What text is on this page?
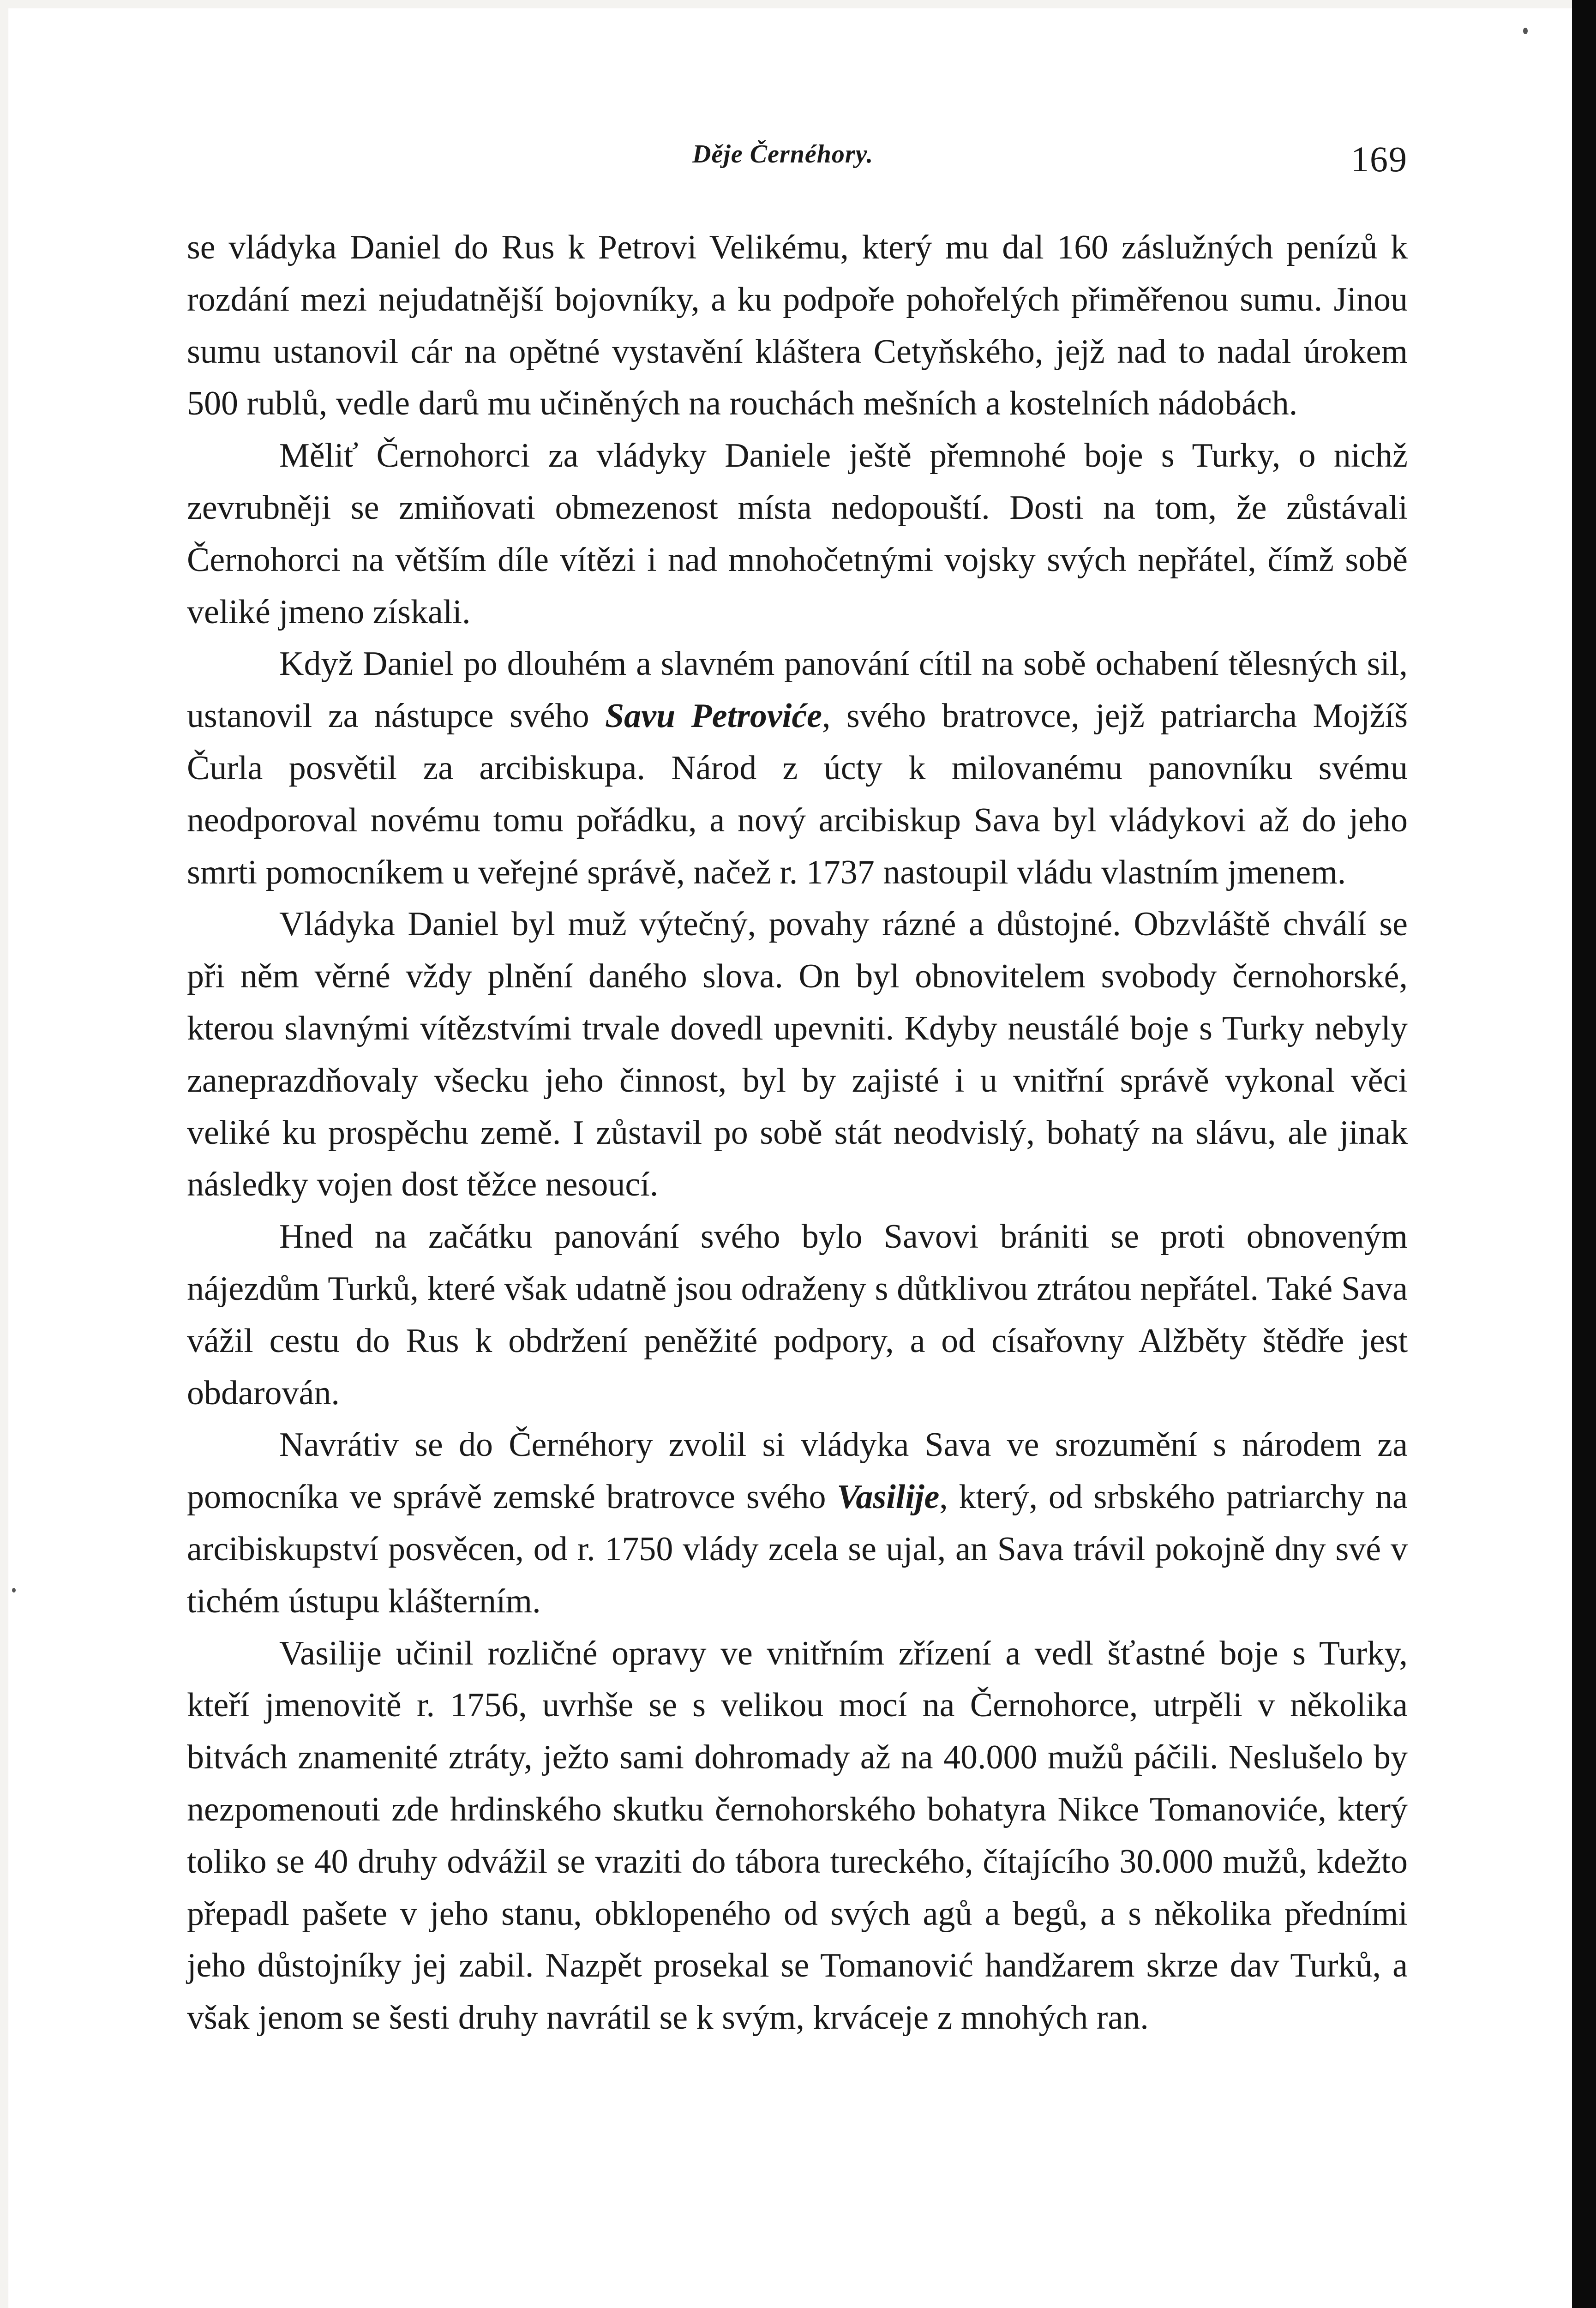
Děje Černéhory.	169

se vládyka Daniel do Rus k Petrovi Velikému, který mu dal 160 záslužných penízů k rozdání mezi nejudatnější bojovníky, a ku podpoře pohořelých přiměřenou sumu. Jinou sumu ustanovil cár na opětné vystavění kláštera Cetyňského, jejž nad to nadal úrokem 500 rublů, vedle darů mu učiněných na rouchách mešních a kostelních nádobách.

Měliť Černohorci za vládyky Daniele ještě přemnohé boje s Turky, o nichž zevrubněji se zmiňovati obmezenost místa nedopouští. Dosti na tom, že zůstávali Černohorci na větším díle vítězi i nad mnohočetnými vojsky svých nepřátel, čímž sobě veliké jmeno získali.

Když Daniel po dlouhém a slavném panování cítil na sobě ochabení tělesných sil, ustanovil za nástupce svého Savu Petroviće, svého bratrovce, jejž patriarcha Mojžíš Čurla posvětil za arcibiskupa. Národ z úcty k milovanému panovníku svému neodporoval novému tomu pořádku, a nový arcibiskup Sava byl vládykovi až do jeho smrti pomocníkem u veřejné správě, načež r. 1737 nastoupil vládu vlastním jmenem.

Vládyka Daniel byl muž výtečný, povahy rázné a důstojné. Obzvláště chválí se při něm věrné vždy plnění daného slova. On byl obnovitelem svobody černohorské, kterou slavnými vítězstvími trvale dovedl upevniti. Kdyby neustálé boje s Turky nebyly zaneprazdňovaly všecku jeho činnost, byl by zajisté i u vnitřní správě vykonal věci veliké ku prospěchu země. I zůstavil po sobě stát neodvislý, bohatý na slávu, ale jinak následky vojen dost těžce nesoucí.

Hned na začátku panování svého bylo Savovi brániti se proti obnoveným nájezdům Turků, které však udatně jsou odraženy s důtklivou ztrátou nepřátel. Také Sava vážil cestu do Rus k obdržení peněžité podpory, a od císařovny Alžběty štědře jest obdarován.

Navrátiv se do Černéhory zvolil si vládyka Sava ve srozumění s národem za pomocníka ve správě zemské bratrovce svého Vasilije, který, od srbského patriarchy na arcibiskupství posvěcen, od r. 1750 vlády zcela se ujal, an Sava trávil pokojně dny své v tichém ústupu klášterním.

Vasilije učinil rozličné opravy ve vnitřním zřízení a vedl šťastné boje s Turky, kteří jmenovitě r. 1756, uvrhše se s velikou mocí na Černohorce, utrpěli v několika bitvách znamenité ztráty, ježto sami dohromady až na 40.000 mužů páčili. Neslušelo by nezpomenouti zde hrdinského skutku černohorského bohatyra Nikce Tomanoviće, který toliko se 40 druhy odvážil se vraziti do tábora tureckého, čítajícího 30.000 mužů, kdežto přepadl pašete v jeho stanu, obklopeného od svých agů a begů, a s několika předními jeho důstojníky jej zabil. Nazpět prosekal se Tomanović handžarem skrze dav Turků, a však jenom se šesti druhy navrátil se k svým, krváceje z mnohých ran.
